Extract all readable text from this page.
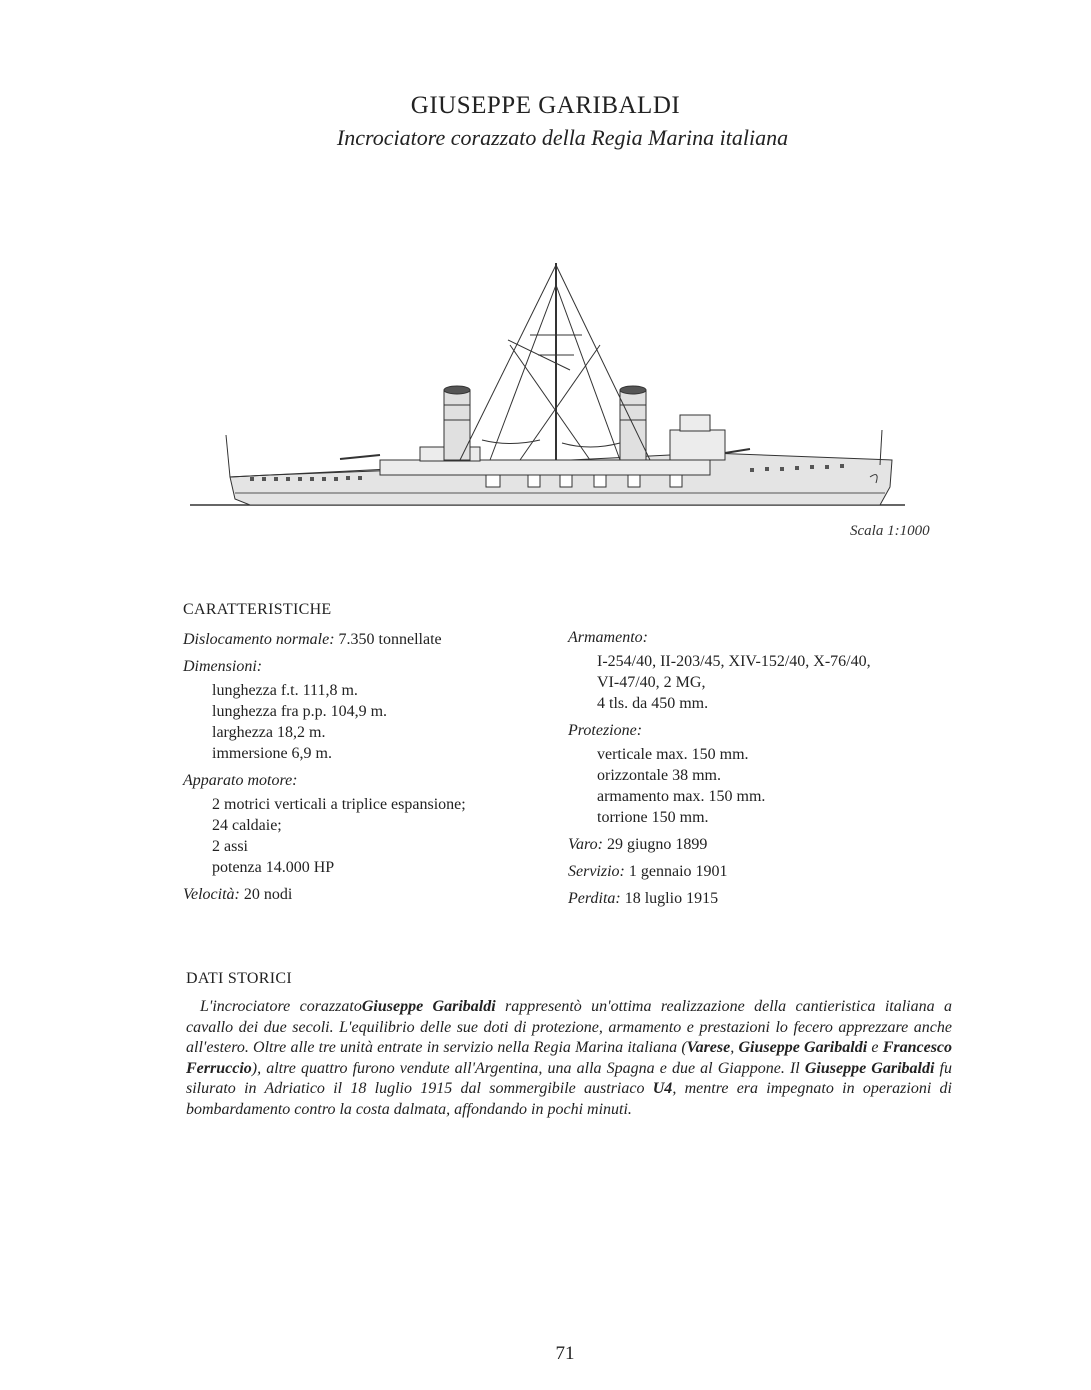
GIUSEPPE GARIBALDI
Incrociatore corazzato della Regia Marina italiana
Scala 1:1000
CARATTERISTICHE

Dislocamento normale: 7.350 tonnellate

Dimensioni:

lunghezza f.t. 111,8 m.
lunghezza fra p.p. 104,9 m.
larghezza 18,2 m.
immersione 6,9 m.

Apparato motore:

2 motrici verticali a triplice espansione;
24 caldaie;
2 assi
potenza 14.000 HP

Velocità: 20 nodi

Armamento:

I-254/40, II-203/45, XIV-152/40, X-76/40,
VI-47/40, 2 MG,
4 tls. da 450 mm.

Protezione:

verticale max. 150 mm.
orizzontale 38 mm.
armamento max. 150 mm.
torrione 150 mm.

Varo: 29 giugno 1899

Servizio: 1 gennaio 1901

Perdita: 18 luglio 1915

DATI STORICI
L'incrociatore corazzatoGiuseppe Garibaldi rappresentò un'ottima realizzazione della cantieristica italiana a cavallo dei due secoli. L'equilibrio delle sue doti di protezione, armamento e prestazioni lo fecero apprezzare anche all'estero. Oltre alle tre unità entrate in servizio nella Regia Marina italiana (Varese, Giuseppe Garibaldi e Francesco Ferruccio), altre quattro furono vendute all'Argentina, una alla Spagna e due al Giappone. Il Giuseppe Garibaldi fu silurato in Adriatico il 18 luglio 1915 dal sommergibile austriaco U4, mentre era impegnato in operazioni di bombardamento contro la costa dalmata, affondando in pochi minuti.
71
